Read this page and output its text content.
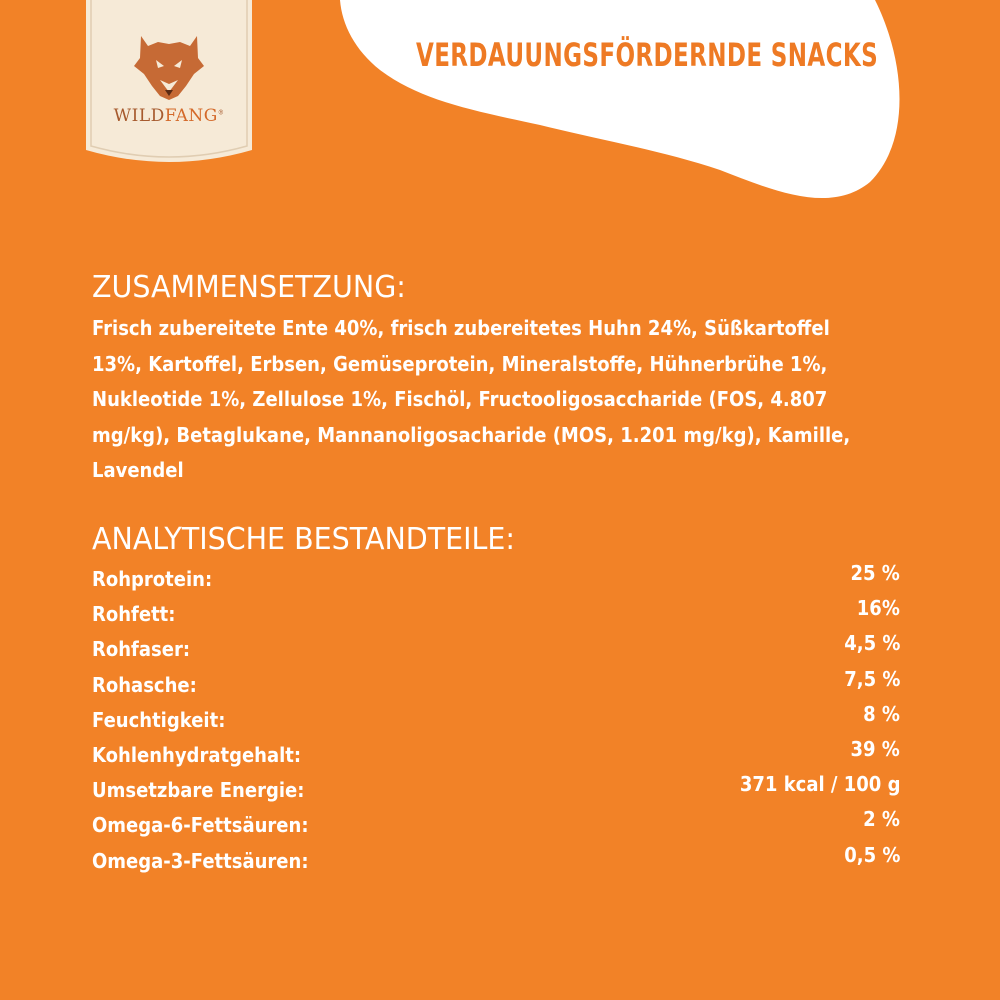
WILDFANG®
VERDAUUNGSFÖRDERNDE SNACKS
ZUSAMMENSETZUNG:

Frisch zubereitete Ente 40%, frisch zubereitetes Huhn 24%, Süßkartoffel 13%, Kartoffel, Erbsen, Gemüseprotein, Mineralstoffe, Hühnerbrühe 1%, Nukleotide 1%, Zellulose 1%, Fischöl, Fructooligosaccharide (FOS, 4.807 mg/kg), Betaglukane, Mannanoligosacharide (MOS, 1.201 mg/kg), Kamille, Lavendel

ANALYTISCHE BESTANDTEILE:
Rohprotein:	25 %
Rohfett:	16%
Rohfaser:	4,5 %
Rohasche:	7,5 %
Feuchtigkeit:	8 %
Kohlenhydratgehalt:	39 %
Umsetzbare Energie:	371 kcal / 100 g
Omega-6-Fettsäuren:	2 %
Omega-3-Fettsäuren:	0,5 %
